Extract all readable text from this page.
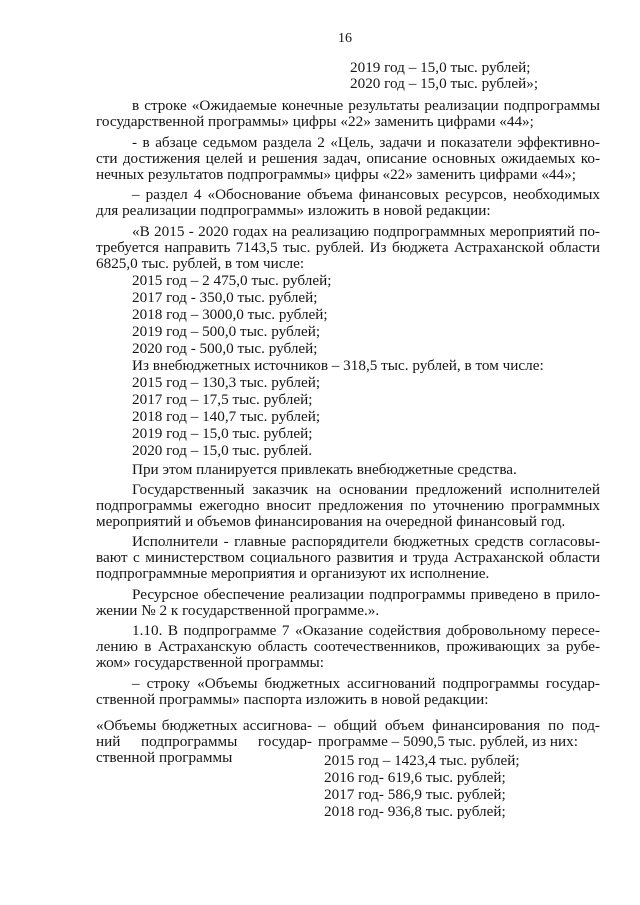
16
2019 год – 15,0 тыс. рублей;
2020 год – 15,0 тыс. рублей»;
в строке «Ожидаемые конечные результаты реализации подпрограммы
государственной программы» цифры «22» заменить цифрами «44»;
- в абзаце седьмом раздела 2 «Цель, задачи и показатели эффективно-
сти достижения целей и решения задач, описание основных ожидаемых ко-
нечных результатов подпрограммы» цифры «22» заменить цифрами «44»;
– раздел 4 «Обоснование объема финансовых ресурсов, необходимых
для реализации подпрограммы» изложить в новой редакции:
«В 2015 - 2020 годах на реализацию подпрограммных мероприятий по-
требуется направить 7143,5 тыс. рублей. Из бюджета Астраханской области
6825,0 тыс. рублей, в том числе:
2015 год – 2 475,0 тыс. рублей;
2017 год - 350,0 тыс. рублей;
2018 год – 3000,0 тыс. рублей;
2019 год – 500,0 тыс. рублей;
2020 год - 500,0 тыс. рублей;
Из внебюджетных источников – 318,5 тыс. рублей, в том числе:
2015 год – 130,3 тыс. рублей;
2017 год – 17,5 тыс. рублей;
2018 год – 140,7 тыс. рублей;
2019 год – 15,0 тыс. рублей;
2020 год – 15,0 тыс. рублей.
При этом планируется привлекать внебюджетные средства.
Государственный заказчик на основании предложений исполнителей
подпрограммы ежегодно вносит предложения по уточнению программных
мероприятий и объемов финансирования на очередной финансовый год.
Исполнители - главные распорядители бюджетных средств согласовы-
вают с министерством социального развития и труда Астраханской области
подпрограммные мероприятия и организуют их исполнение.
Ресурсное обеспечение реализации подпрограммы приведено в прило-
жении № 2 к государственной программе.».
1.10. В подпрограмме 7 «Оказание содействия добровольному пересе-
лению в Астраханскую область соотечественников, проживающих за рубе-
жом» государственной программы:
– строку «Объемы бюджетных ассигнований подпрограммы государ-
ственной программы» паспорта изложить в новой редакции:
«Объемы бюджетных ассигнова-
ний подпрограммы госудаp-
ственной программы
– общий объем финансирования по под-
программе – 5090,5 тыс. рублей, из них:
2015 год – 1423,4 тыс. рублей;
2016 год- 619,6 тыс. рублей;
2017 год- 586,9 тыс. рублей;
2018 год- 936,8 тыс. рублей;
